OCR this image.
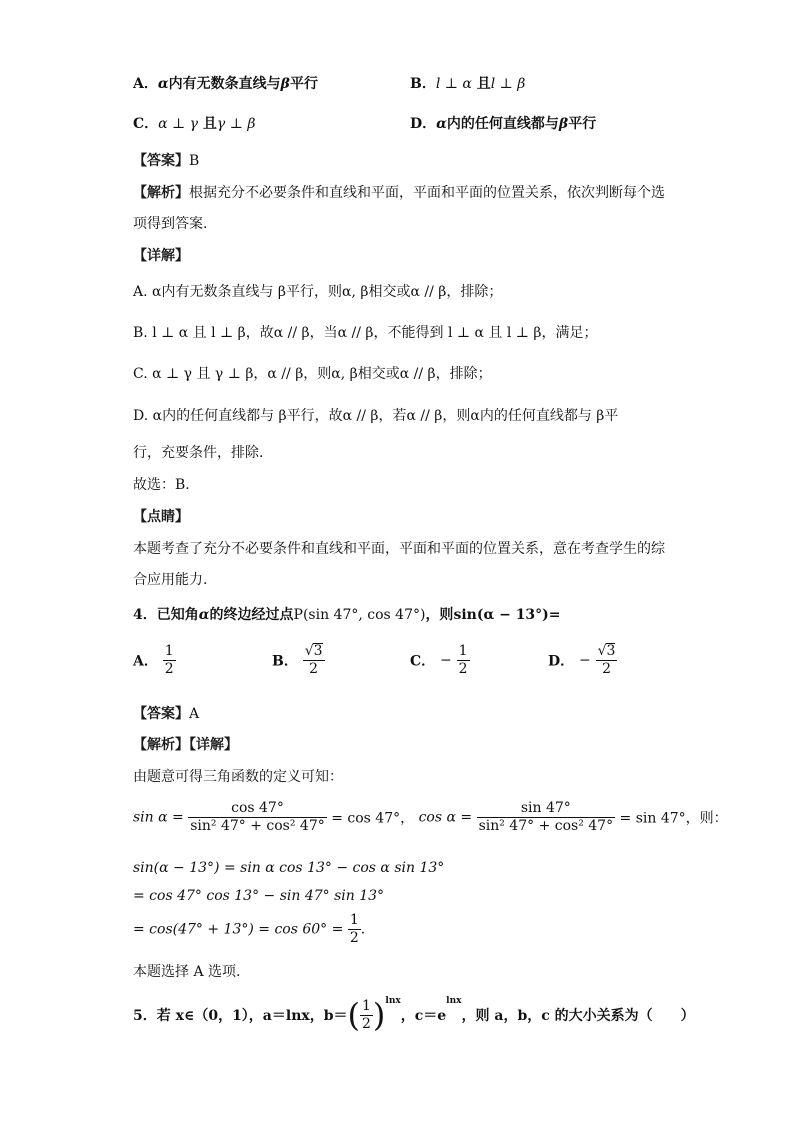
A．α内有无数条直线与β平行	B．l ⊥ α 且l ⊥ β
C．α ⊥ γ 且γ ⊥ β	D．α内的任何直线都与β平行
【答案】B
【解析】根据充分不必要条件和直线和平面，平面和平面的位置关系，依次判断每个选
项得到答案.
【详解】
A. α内有无数条直线与 β平行，则α, β相交或α // β，排除；
B. l ⊥ α 且 l ⊥ β，故α // β，当α // β，不能得到 l ⊥ α 且 l ⊥ β，满足；
C. α ⊥ γ 且 γ ⊥ β，α // β，则α, β相交或α // β，排除；
D. α内的任何直线都与 β平行，故α // β，若α // β，则α内的任何直线都与 β平
行，充要条件，排除.
故选：B.
【点睛】
本题考查了充分不必要条件和直线和平面，平面和平面的位置关系，意在考查学生的综
合应用能力.
4．已知角α的终边经过点P(sin 47°, cos 47°)，则sin(α − 13°)=
A． $\frac{1}{2}$	B． $\frac{√3}{2}$	C． − $\frac{1}{2}$	D． − $\frac{√3}{2}$
【答案】A
【解析】【详解】
由题意可得三角函数的定义可知：
$\sin \alpha = \frac{\cos 47^\circ}{\text{sin² 47° + cos² 47°}} = \cos 47^\circ$， $\cos \alpha = \frac{\sin 47^\circ}{\text{sin² 47° + cos² 47°}} = \sin 47^\circ$，则：
sin(α − 13°) = sin α cos 13° − cos α sin 13°
= cos 47° cos 13° − sin 47° sin 13°
= $\cos(47^\circ + 13^\circ) = \cos 60^\circ = \frac{1}{2}$ .
本题选择 A 选项.
5．若 x∈（0，1），a＝lnx，$b=( \frac{1}{2} )^{lnx}$，$c=e^{lnx}$，则 a，b，c 的大小关系为（　　）
